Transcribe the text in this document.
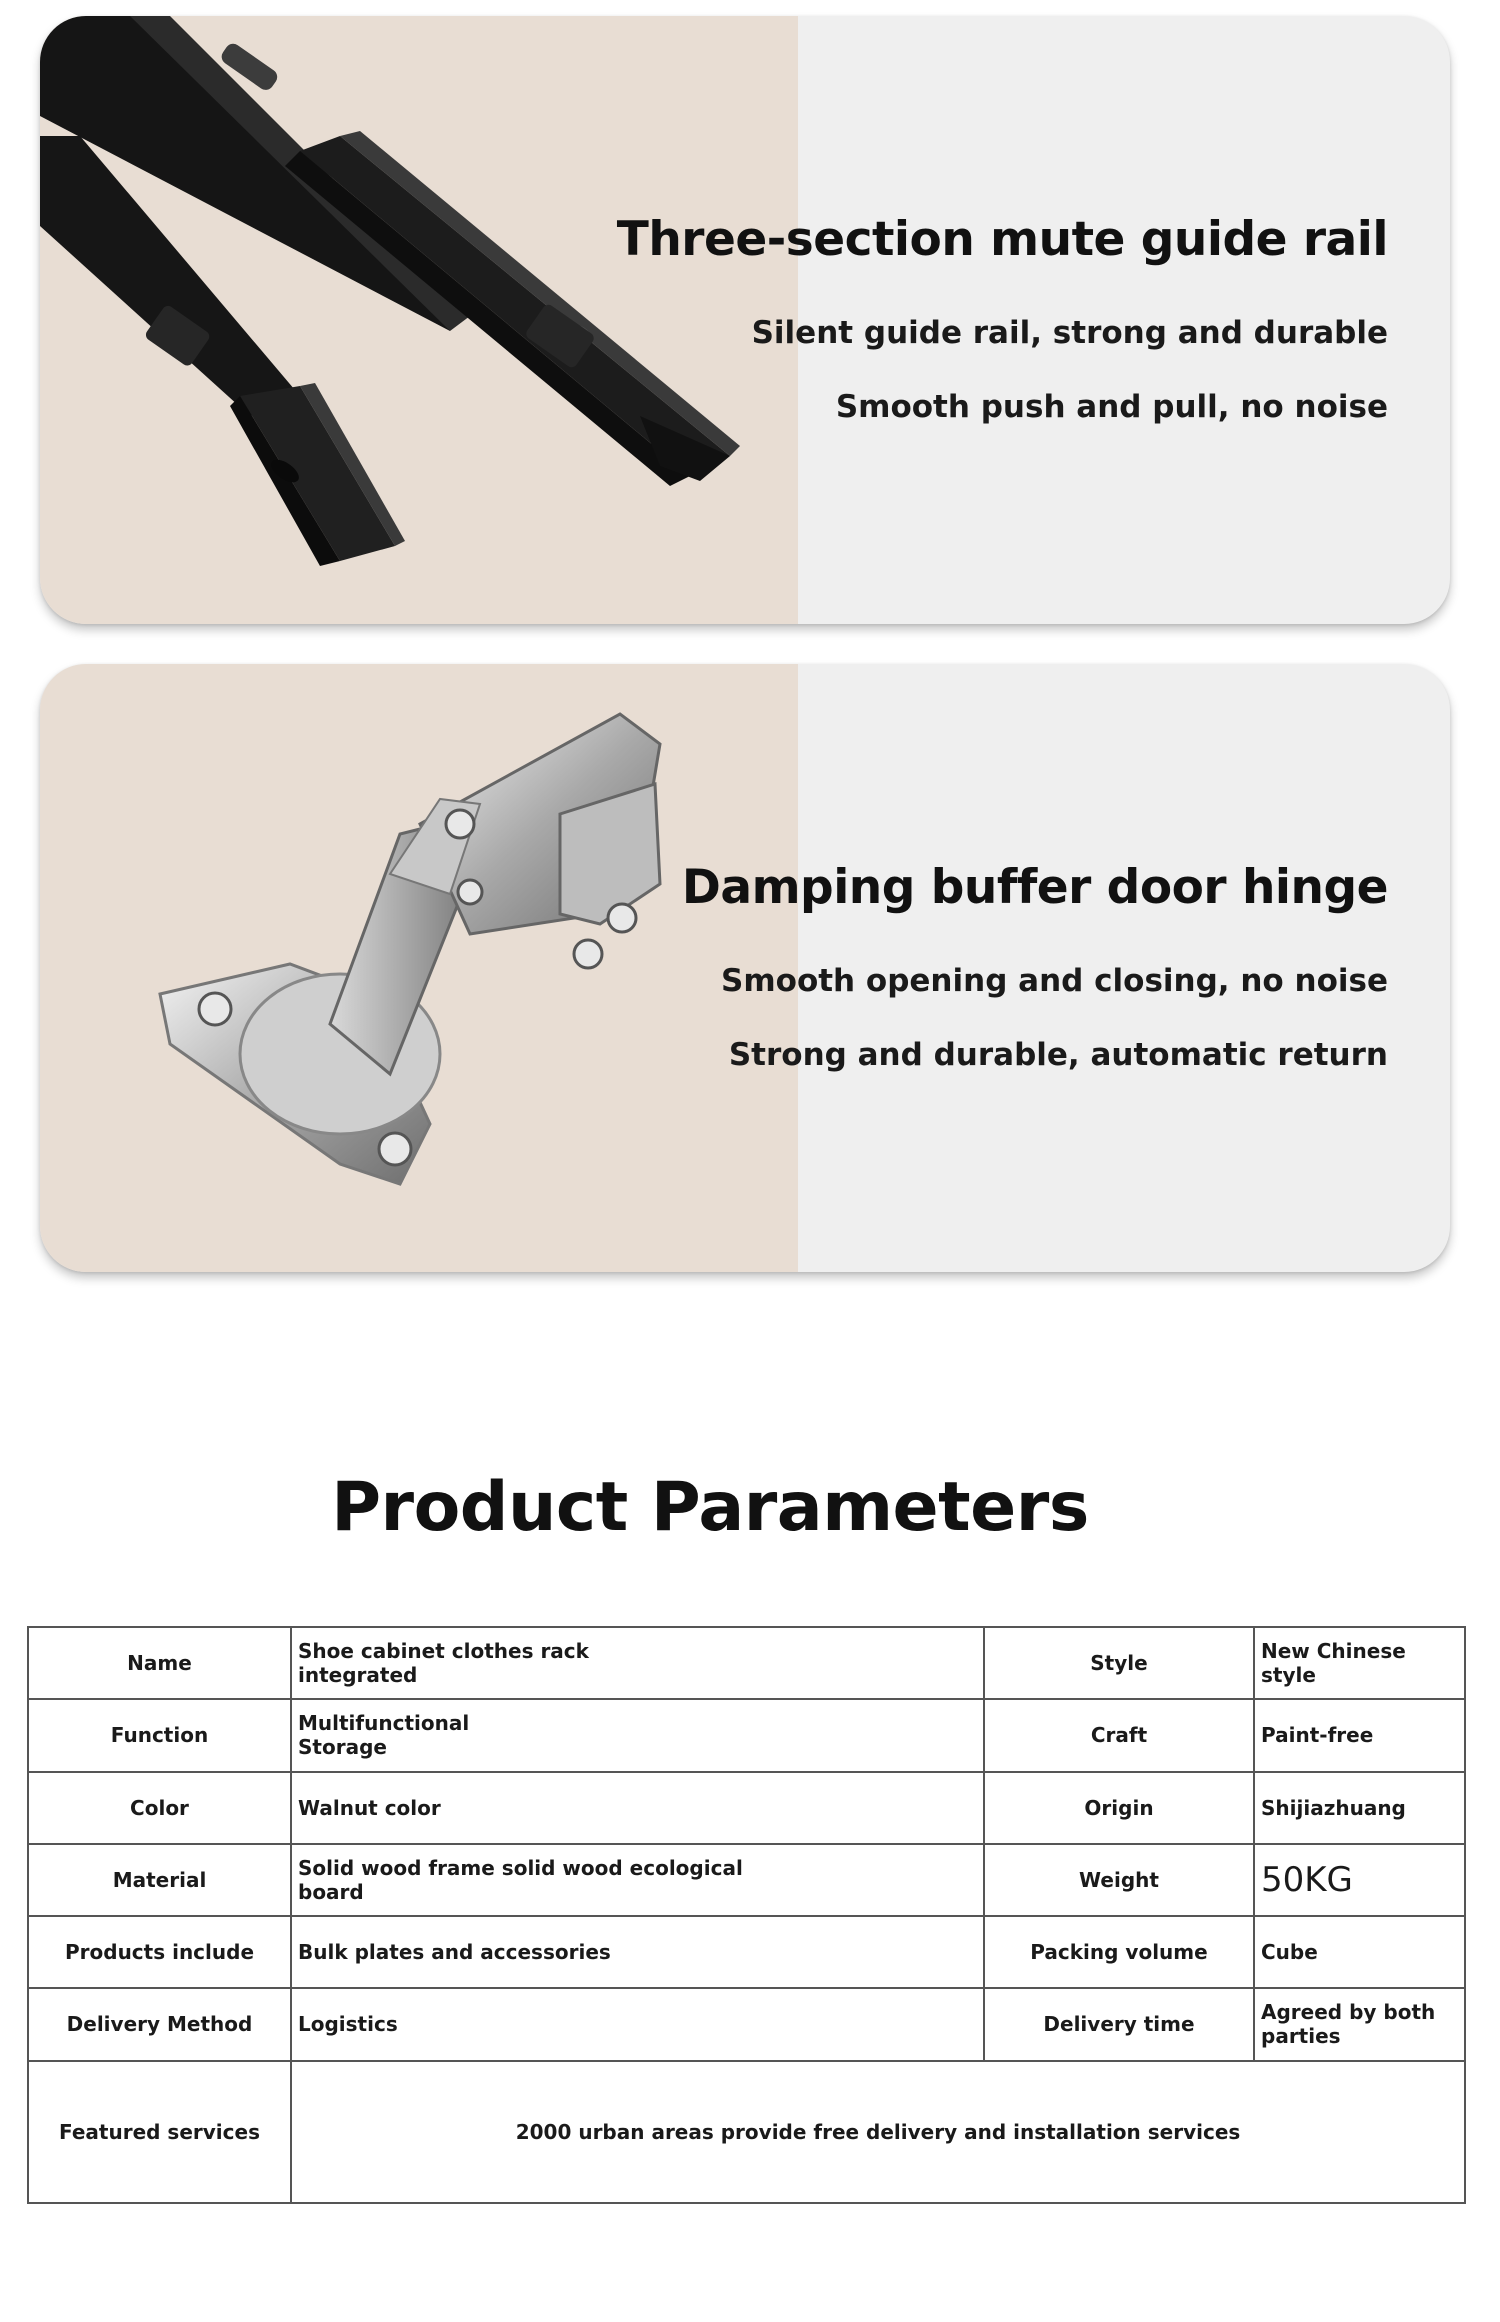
Three-section mute guide rail

Silent guide rail, strong and durable

Smooth push and pull, no noise

Damping buffer door hinge

Smooth opening and closing, no noise

Strong and durable, automatic return

Product Parameters
Name	Shoe cabinet clothes rack integrated	Style	New Chinese style
Function	Multifunctional Storage	Craft	Paint-free
Color	Walnut color	Origin	Shijiazhuang
Material	Solid wood frame solid wood ecological board	Weight	50KG
Products include	Bulk plates and accessories	Packing volume	Cube
Delivery Method	Logistics	Delivery time	Agreed by both parties
Featured services	2000 urban areas provide free delivery and installation services		
